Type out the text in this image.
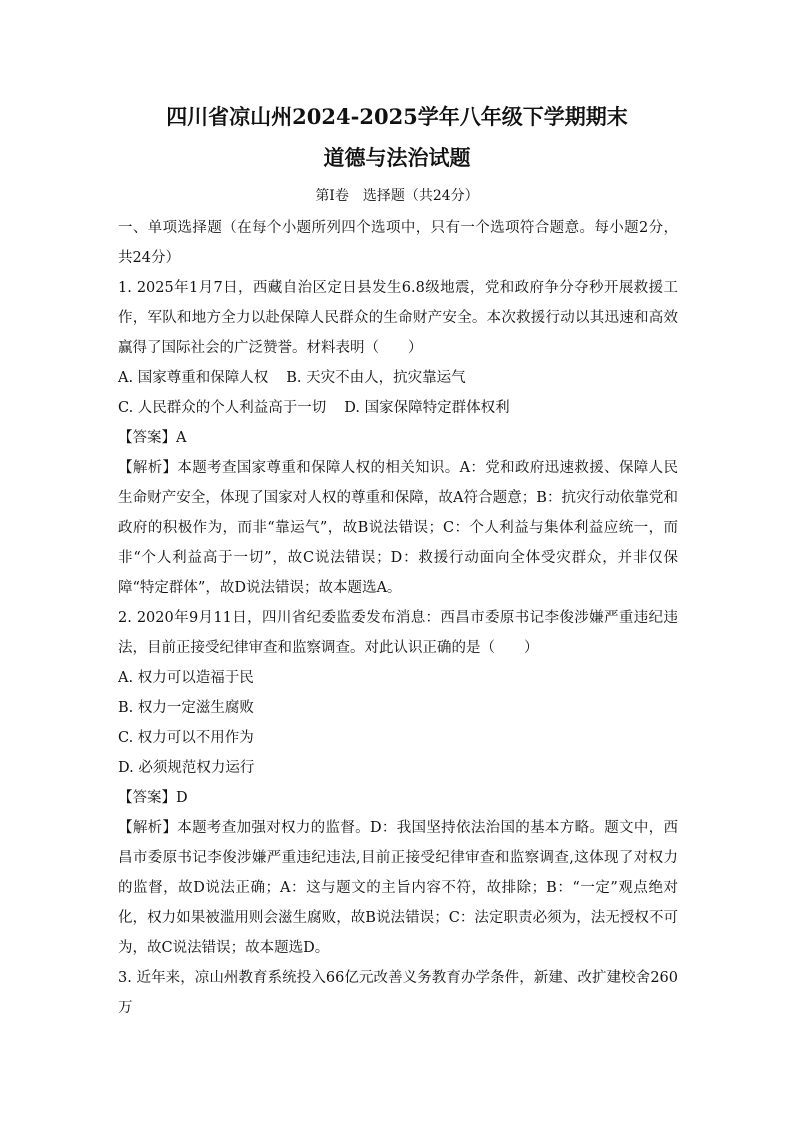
四川省凉山州2024-2025学年八年级下学期期末
道德与法治试题
第Ⅰ卷　选择题（共24分）

一、单项选择题（在每个小题所列四个选项中，只有一个选项符合题意。每小题2分，共24分）

1. 2025年1月7日，西藏自治区定日县发生6.8级地震，党和政府争分夺秒开展救援工作，军队和地方全力以赴保障人民群众的生命财产安全。本次救援行动以其迅速和高效赢得了国际社会的广泛赞誉。材料表明（　　）

A. 国家尊重和保障人权 B. 天灾不由人，抗灾靠运气

C. 人民群众的个人利益高于一切 D. 国家保障特定群体权利

【答案】A

【解析】本题考查国家尊重和保障人权的相关知识。A：党和政府迅速救援、保障人民生命财产安全，体现了国家对人权的尊重和保障，故A符合题意；B：抗灾行动依靠党和政府的积极作为，而非“靠运气”，故B说法错误；C：个人利益与集体利益应统一，而非“个人利益高于一切”，故C说法错误；D：救援行动面向全体受灾群众，并非仅保障“特定群体”，故D说法错误；故本题选A。

2. 2020年9月11日，四川省纪委监委发布消息：西昌市委原书记李俊涉嫌严重违纪违法，目前正接受纪律审查和监察调查。对此认识正确的是（　　）

A. 权力可以造福于民

B. 权力一定滋生腐败

C. 权力可以不用作为

D. 必须规范权力运行

【答案】D

【解析】本题考查加强对权力的监督。D：我国坚持依法治国的基本方略。题文中，西昌市委原书记李俊涉嫌严重违纪违法,目前正接受纪律审查和监察调查,这体现了对权力的监督，故D说法正确；A：这与题文的主旨内容不符，故排除；B：“一定”观点绝对化，权力如果被滥用则会滋生腐败，故B说法错误；C：法定职责必须为，法无授权不可为，故C说法错误；故本题选D。

3. 近年来，凉山州教育系统投入66亿元改善义务教育办学条件，新建、改扩建校舍260万
